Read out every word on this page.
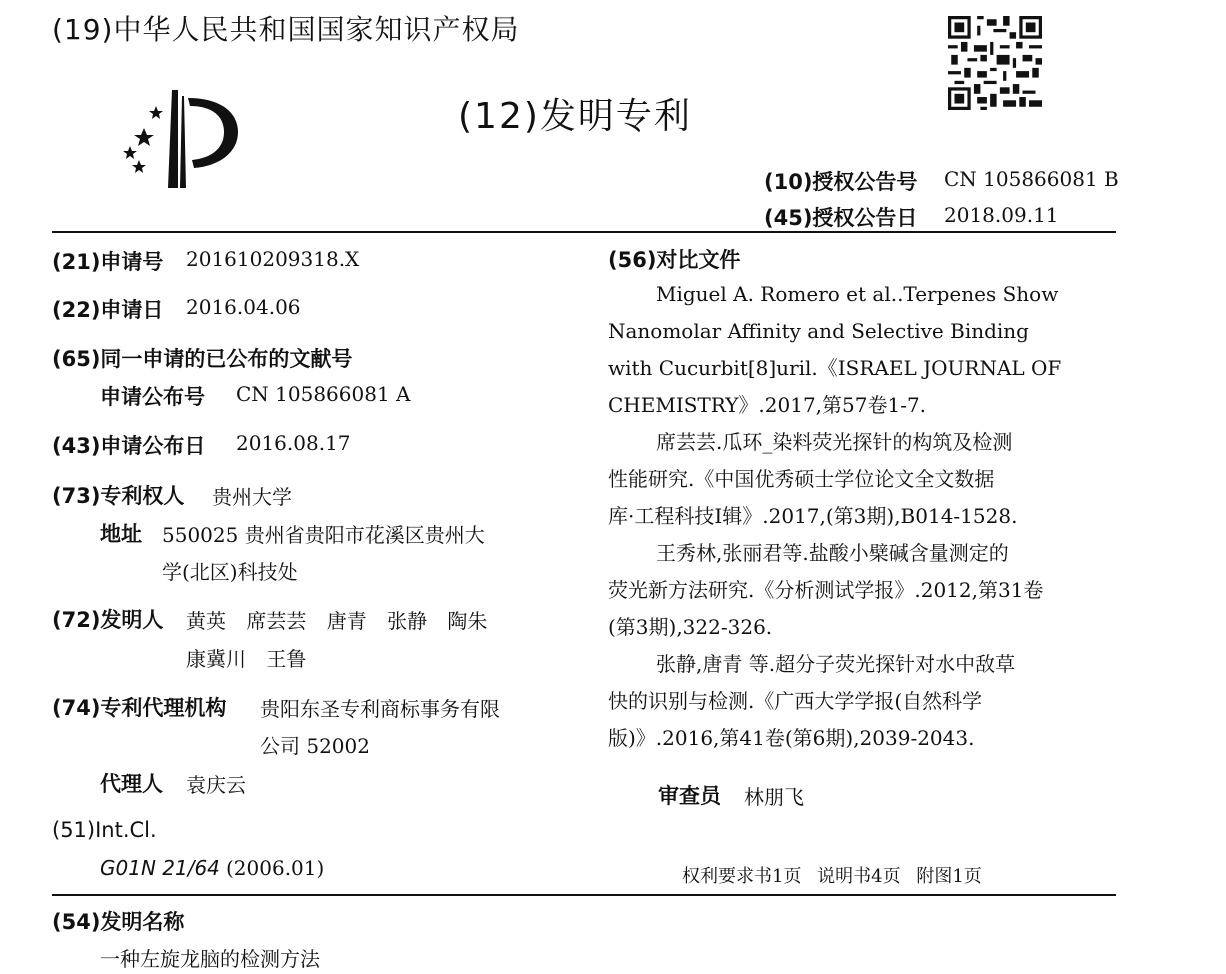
(19)中华人民共和国国家知识产权局
(12)发明专利
(10)授权公告号 CN 105866081 B
(45)授权公告日 2018.09.11
(21)申请号 201610209318.X
(22)申请日 2016.04.06
(65)同一申请的已公布的文献号
申请公布号 CN 105866081 A
(43)申请公布日 2016.08.17
(73)专利权人 贵州大学
地址 550025 贵州省贵阳市花溪区贵州大
学(北区)科技处
(72)发明人 黄英 席芸芸 唐青 张静 陶朱
康冀川 王鲁
(74)专利代理机构 贵阳东圣专利商标事务有限
公司 52002
代理人 袁庆云
(51)Int.Cl.
G01N 21/64 (2006.01)
(56)对比文件
Miguel A. Romero et al..Terpenes Show
Nanomolar Affinity and Selective Binding
with Cucurbit[8]uril.《ISRAEL JOURNAL OF
CHEMISTRY》.2017,第57卷1-7.
席芸芸.瓜环_染料荧光探针的构筑及检测
性能研究.《中国优秀硕士学位论文全文数据
库·工程科技I辑》.2017,(第3期),B014-1528.
王秀林,张丽君等.盐酸小檗碱含量测定的
荧光新方法研究.《分析测试学报》.2012,第31卷
(第3期),322-326.
张静,唐青 等.超分子荧光探针对水中敌草
快的识别与检测.《广西大学学报(自然科学
版)》.2016,第41卷(第6期),2039-2043.
审查员 林朋飞
权利要求书1页 说明书4页 附图1页
(54)发明名称
一种左旋龙脑的检测方法
